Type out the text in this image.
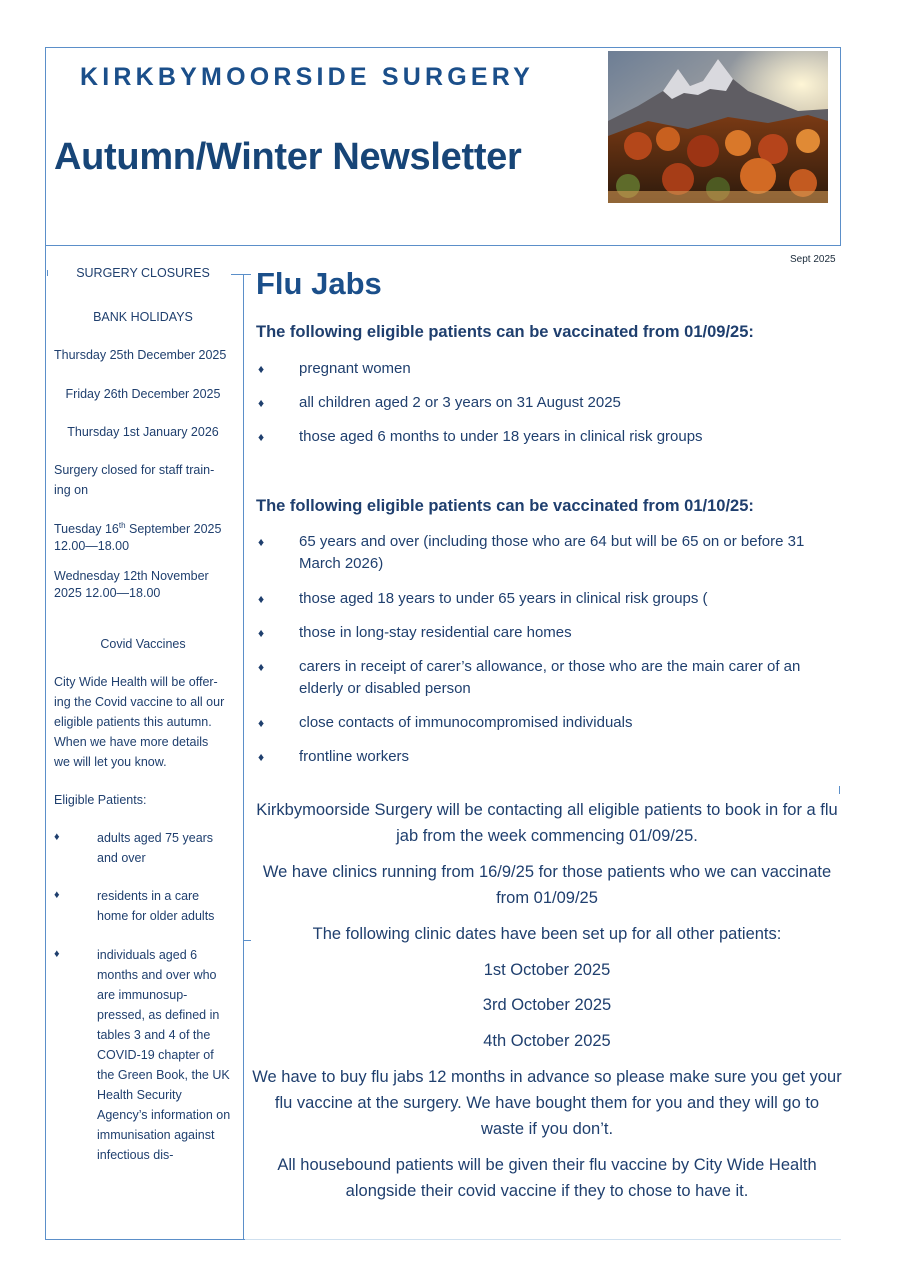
KIRKBYMOORSIDE SURGERY
Autumn/Winter Newsletter
Sept 2025
SURGERY CLOSURES
BANK HOLIDAYS
Thursday 25th December 2025
Friday 26th December 2025
Thursday 1st January 2026
Surgery closed for staff train-ing on
Tuesday 16th September 2025
12.00—18.00
Wednesday 12th November 2025 12.00—18.00
Covid Vaccines
City Wide Health will be offer-ing the Covid vaccine to all our eligible patients this autumn. When we have more details we will let you know.
Eligible Patients:
♦	adults aged 75 years and over
♦	residents in a care home for older adults
♦	individuals aged 6 months and over who are immunosup-pressed, as defined in tables 3 and 4 of the COVID-19 chapter of the Green Book, the UK Health Security Agency’s information on immunisation against infectious dis-
Flu Jabs
The following eligible patients can be vaccinated from 01/09/25:
♦ pregnant women
♦ all children aged 2 or 3 years on 31 August 2025
♦ those aged 6 months to under 18 years in clinical risk groups
The following eligible patients can be vaccinated from 01/10/25:
♦ 65 years and over (including those who are 64 but will be 65 on or before 31 March 2026)
♦ those aged 18 years to under 65 years in clinical risk groups (
♦ those in long-stay residential care homes
♦ carers in receipt of carer’s allowance, or those who are the main carer of an elderly or disabled person
♦ close contacts of immunocompromised individuals
♦ frontline workers
Kirkbymoorside Surgery will be contacting all eligible patients to book in for a flu jab from the week commencing 01/09/25.
We have clinics running from 16/9/25 for those patients who we can vaccinate from 01/09/25
The following clinic dates have been set up for all other patients:
1st October 2025
3rd October 2025
4th October 2025
We have to buy flu jabs 12 months in advance so please make sure you get your flu vaccine at the surgery. We have bought them for you and they will go to waste if you don’t.
All housebound patients will be given their flu vaccine by City Wide Health alongside their covid vaccine if they to chose to have it.
